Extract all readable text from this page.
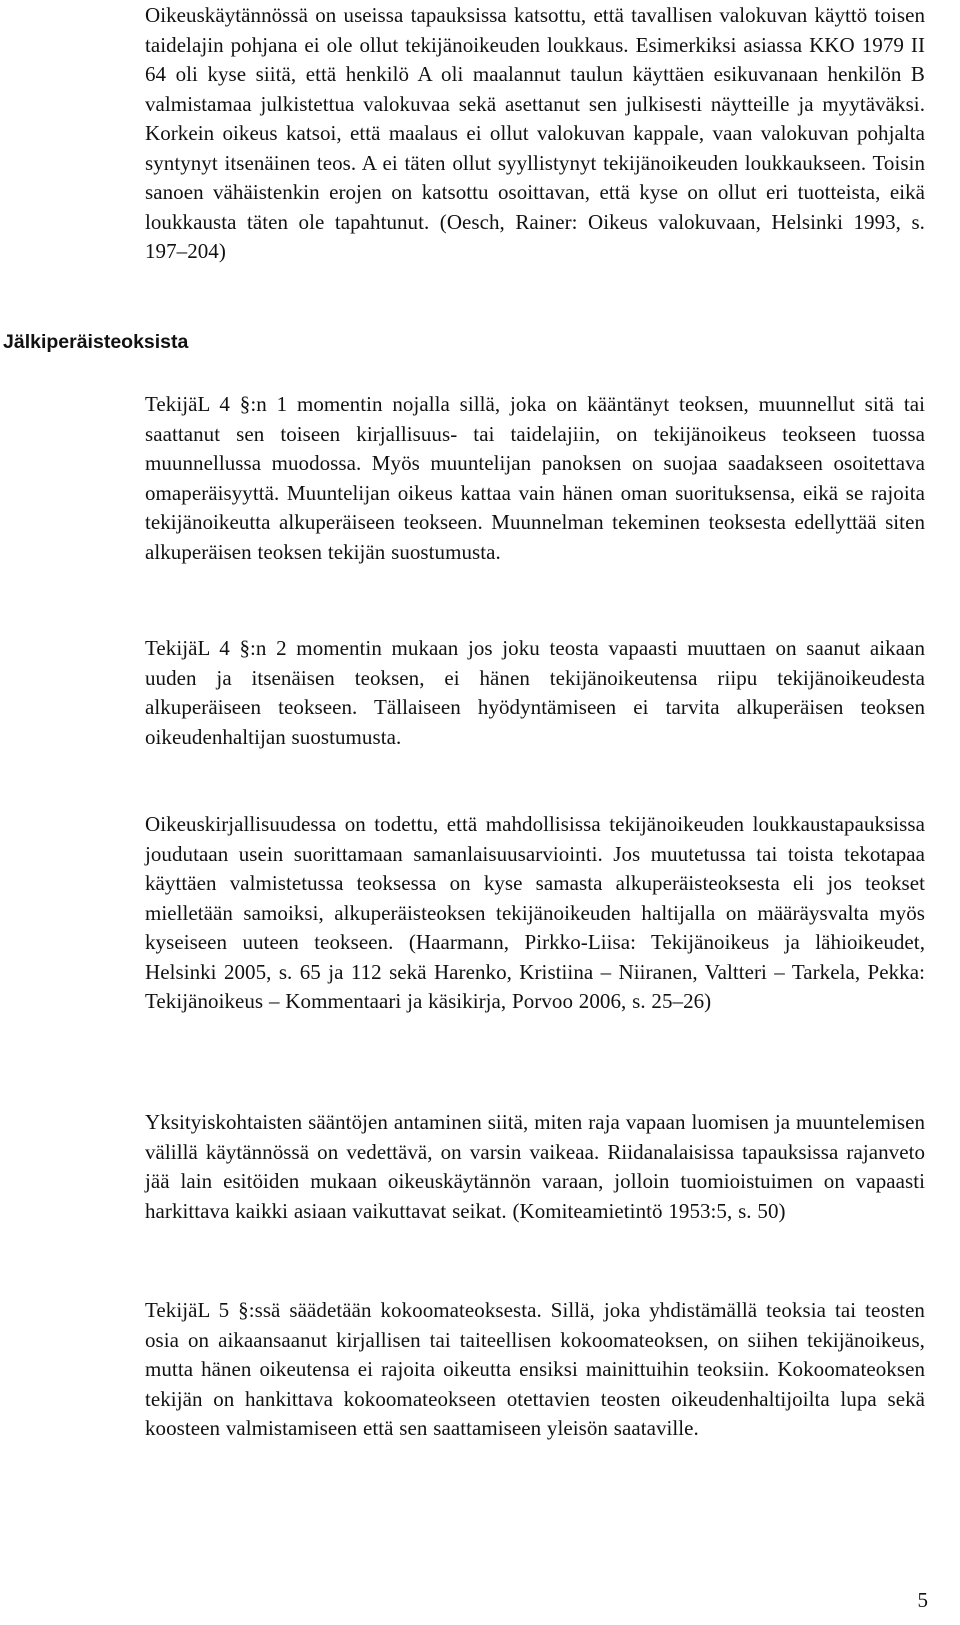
Oikeuskäytännössä on useissa tapauksissa katsottu, että tavallisen valokuvan käyttö toisen taidelajin pohjana ei ole ollut tekijänoikeuden loukkaus. Esimerkiksi asiassa KKO 1979 II 64 oli kyse siitä, että henkilö A oli maalannut taulun käyttäen esikuvanaan henkilön B valmistamaa julkistettua valokuvaa sekä asettanut sen julkisesti näytteille ja myytäväksi. Korkein oikeus katsoi, että maalaus ei ollut valokuvan kappale, vaan valokuvan pohjalta syntynyt itsenäinen teos. A ei täten ollut syyllistynyt tekijänoikeuden loukkaukseen. Toisin sanoen vähäistenkin erojen on katsottu osoittavan, että kyse on ollut eri tuotteista, eikä loukkausta täten ole tapahtunut. (Oesch, Rainer: Oikeus valokuvaan, Helsinki 1993, s. 197–204)

Jälkiperäisteoksista

TekijäL 4 §:n 1 momentin nojalla sillä, joka on kääntänyt teoksen, muunnellut sitä tai saattanut sen toiseen kirjallisuus- tai taidelajiin, on tekijänoikeus teokseen tuossa muunnellussa muodossa. Myös muuntelijan panoksen on suojaa saadakseen osoitettava omaperäisyyttä. Muuntelijan oikeus kattaa vain hänen oman suorituksensa, eikä se rajoita tekijänoikeutta alkuperäiseen teokseen. Muunnelman tekeminen teoksesta edellyttää siten alkuperäisen teoksen tekijän suostumusta.

TekijäL 4 §:n 2 momentin mukaan jos joku teosta vapaasti muuttaen on saanut aikaan uuden ja itsenäisen teoksen, ei hänen tekijänoikeutensa riipu tekijänoikeudesta alkuperäiseen teokseen. Tällaiseen hyödyntämiseen ei tarvita alkuperäisen teoksen oikeudenhaltijan suostumusta.

Oikeuskirjallisuudessa on todettu, että mahdollisissa tekijänoikeuden loukkaustapauksissa joudutaan usein suorittamaan samanlaisuusarviointi. Jos muutetussa tai toista tekotapaa käyttäen valmistetussa teoksessa on kyse samasta alkuperäisteoksesta eli jos teokset mielletään samoiksi, alkuperäisteoksen tekijänoikeuden haltijalla on määräysvalta myös kyseiseen uuteen teokseen. (Haarmann, Pirkko-Liisa: Tekijänoikeus ja lähioikeudet, Helsinki 2005, s. 65 ja 112 sekä Harenko, Kristiina – Niiranen, Valtteri – Tarkela, Pekka: Tekijänoikeus – Kommentaari ja käsikirja, Porvoo 2006, s. 25–26)

Yksityiskohtaisten sääntöjen antaminen siitä, miten raja vapaan luomisen ja muuntelemisen välillä käytännössä on vedettävä, on varsin vaikeaa. Riidanalaisissa tapauksissa rajanveto jää lain esitöiden mukaan oikeuskäytännön varaan, jolloin tuomioistuimen on vapaasti harkittava kaikki asiaan vaikuttavat seikat. (Komiteamietintö 1953:5, s. 50)

TekijäL 5 §:ssä säädetään kokoomateoksesta. Sillä, joka yhdistämällä teoksia tai teosten osia on aikaansaanut kirjallisen tai taiteellisen kokoomateoksen, on siihen tekijänoikeus, mutta hänen oikeutensa ei rajoita oikeutta ensiksi mainittuihin teoksiin. Kokoomateoksen tekijän on hankittava kokoomateokseen otettavien teosten oikeudenhaltijoilta lupa sekä koosteen valmistamiseen että sen saattamiseen yleisön saataville.

5
